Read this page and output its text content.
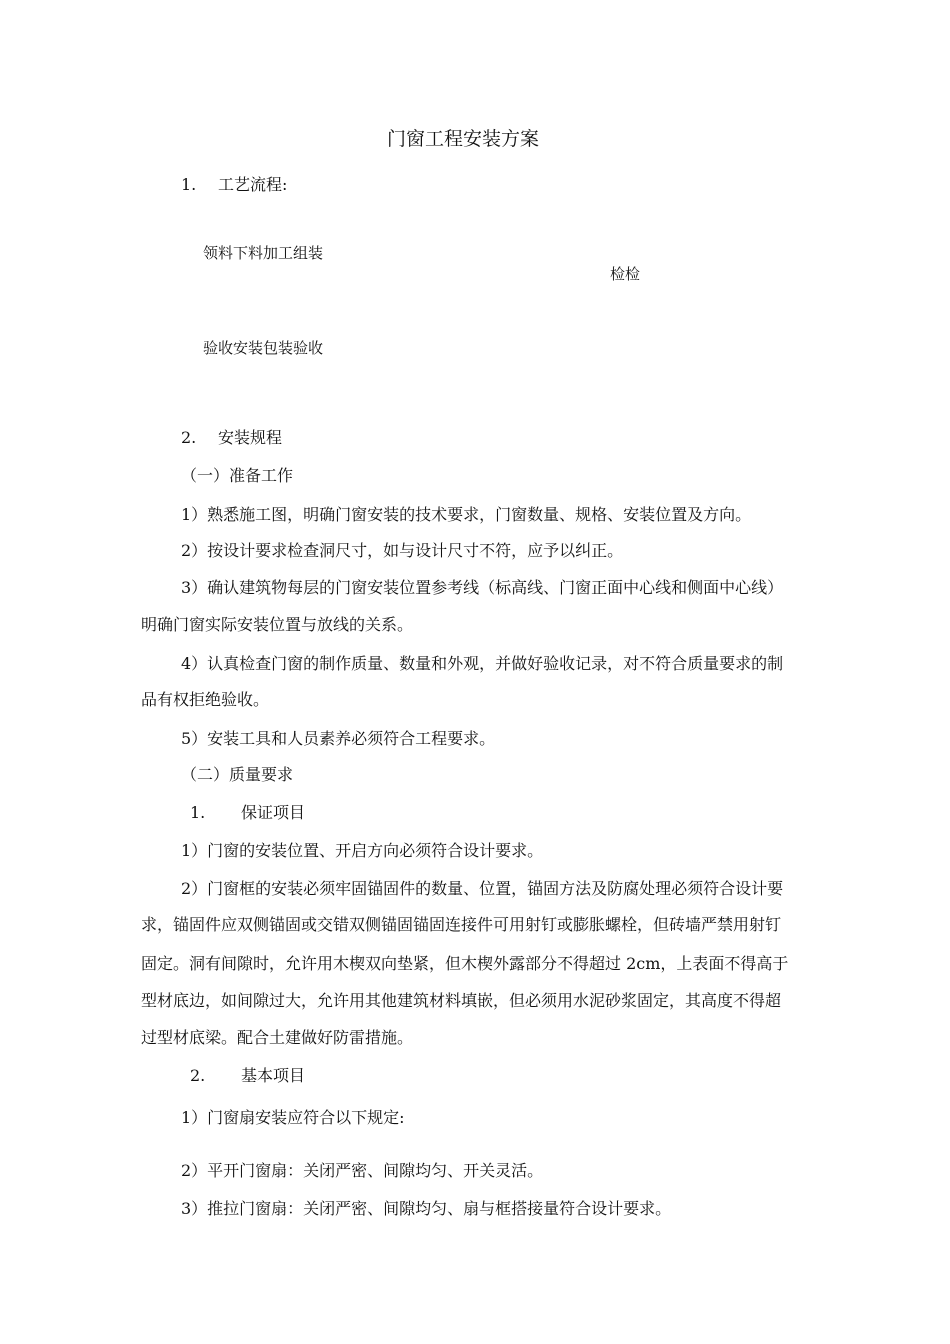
门窗工程安装方案
1. 工艺流程:
领料下料加工组装
检检
验收安装包装验收
2. 安装规程
（一）准备工作
1）熟悉施工图，明确门窗安装的技术要求，门窗数量、规格、安装位置及方向。
2）按设计要求检查洞尺寸，如与设计尺寸不符，应予以纠正。
3）确认建筑物每层的门窗安装位置参考线（标高线、门窗正面中心线和侧面中心线）
明确门窗实际安装位置与放线的关系。
4）认真检查门窗的制作质量、数量和外观，并做好验收记录，对不符合质量要求的制
品有权拒绝验收。
5）安装工具和人员素养必须符合工程要求。
（二）质量要求
1. 保证项目
1）门窗的安装位置、开启方向必须符合设计要求。
2）门窗框的安装必须牢固锚固件的数量、位置，锚固方法及防腐处理必须符合设计要
求，锚固件应双侧锚固或交错双侧锚固锚固连接件可用射钉或膨胀螺栓，但砖墙严禁用射钉
固定。洞有间隙时，允许用木楔双向垫紧，但木楔外露部分不得超过 2cm，上表面不得高于
型材底边，如间隙过大，允许用其他建筑材料填嵌，但必须用水泥砂浆固定，其高度不得超
过型材底梁。配合土建做好防雷措施。
2. 基本项目
1）门窗扇安装应符合以下规定:
2）平开门窗扇：关闭严密、间隙均匀、开关灵活。
3）推拉门窗扇：关闭严密、间隙均匀、扇与框搭接量符合设计要求。
